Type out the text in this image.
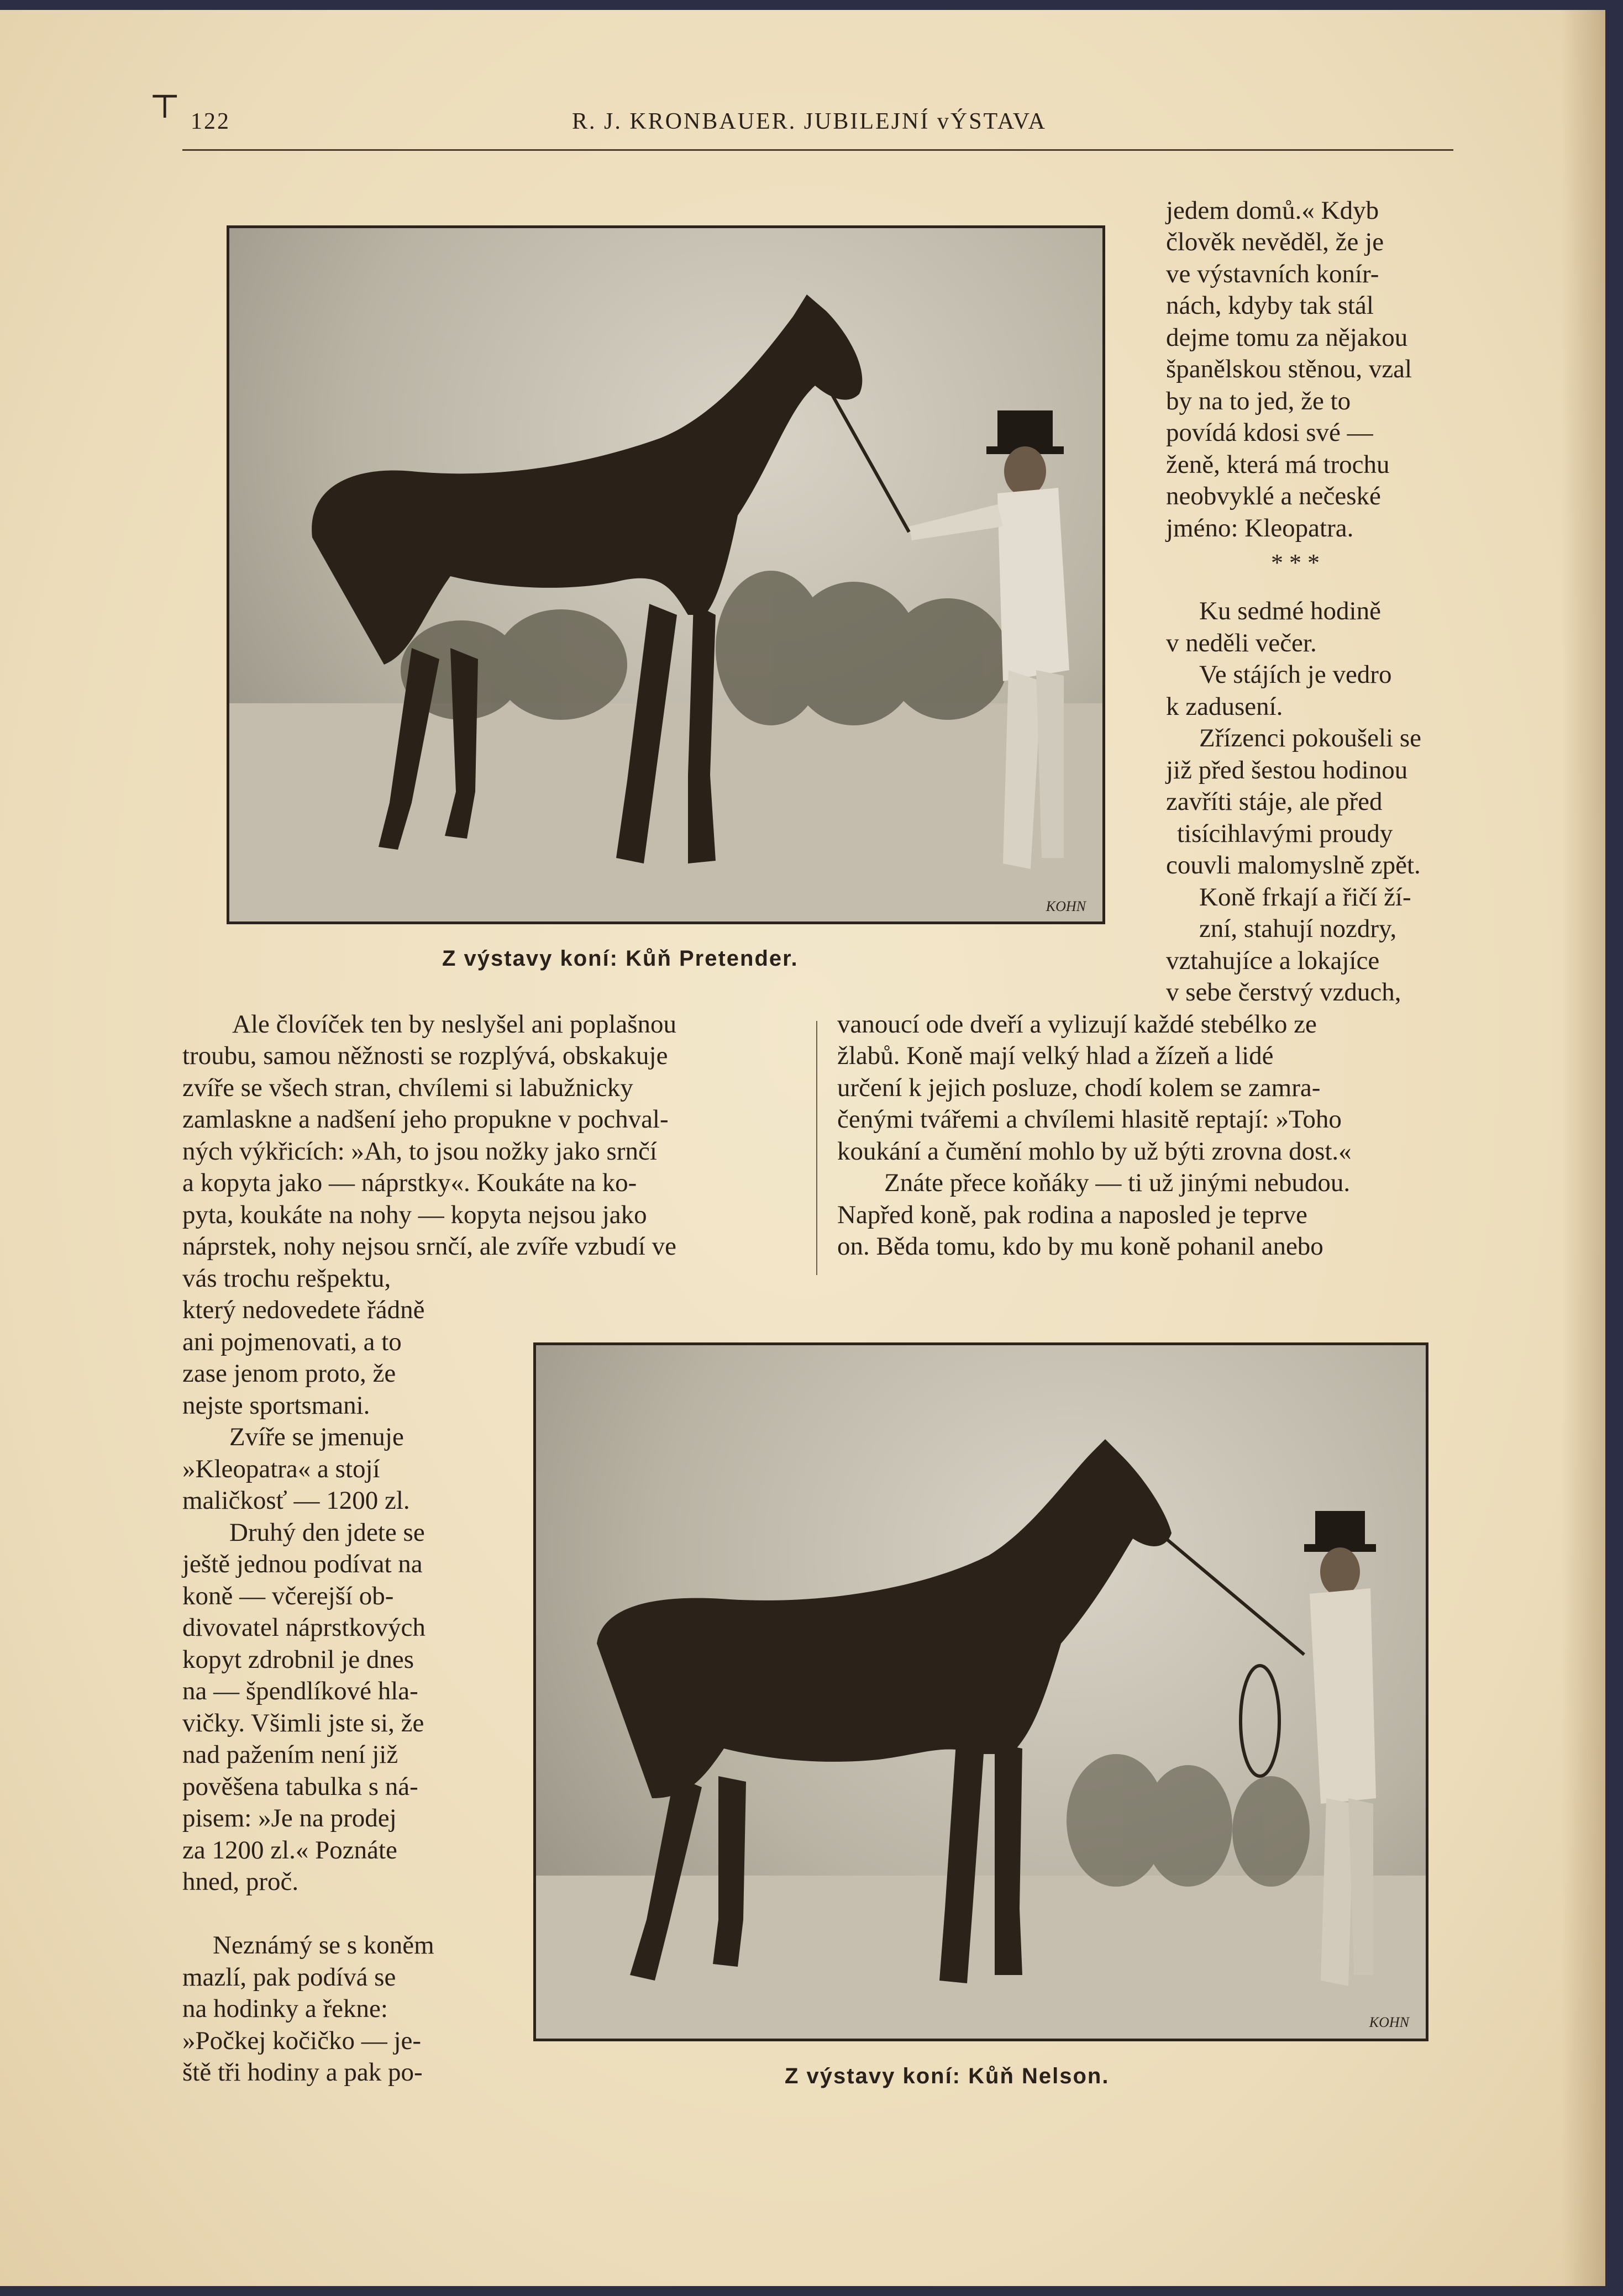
⊤ 122	R. J. KRONBAUER. JUBILEJNÍ vÝSTAVA
KOHN
Z výstavy koní: Kůň Pretender.
KOHN
Z výstavy koní: Kůň Nelson.
jedem domů.« Kdyb
člověk nevěděl, že je
ve výstavních konír-
nách, kdyby tak stál
dejme tomu za nějakou
španělskou stěnou, vzal
by na to jed, že to
povídá kdosi své —
ženě, která má trochu
neobvyklé a nečeské
jméno: Kleopatra.
* * *
Ku sedmé hodině
v neděli večer.
Ve stájích je vedro
k zadusení.
Zřízenci pokoušeli se
již před šestou hodinou
zavříti stáje, ale před
tisícihlavými proudy
couvli malomyslně zpět.
Koně frkají a řičí ží-
zní, stahují nozdry,
vztahujíce a lokajíce
v sebe čerstvý vzduch,
Ale človíček ten by neslyšel ani poplašnou
troubu, samou něžnosti se rozplývá, obskakuje
zvíře se všech stran, chvílemi si labužnicky
zamlaskne a nadšení jeho propukne v pochval-
ných výkřicích: »Ah, to jsou nožky jako srnčí
a kopyta jako — náprstky«. Koukáte na ko-
pyta, koukáte na nohy — kopyta nejsou jako
náprstek, nohy nejsou srnčí, ale zvíře vzbudí ve
vanoucí ode dveří a vylizují každé stebélko ze
žlabů. Koně mají velký hlad a žízeň a lidé
určení k jejich posluze, chodí kolem se zamra-
čenými tvářemi a chvílemi hlasitě reptají: »Toho
koukání a čumění mohlo by už býti zrovna dost.«
Znáte přece koňáky — ti už jinými nebudou.
Napřed koně, pak rodina a naposled je teprve
on. Běda tomu, kdo by mu koně pohanil anebo
vás trochu rešpektu,
který nedovedete řádně
ani pojmenovati, a to
zase jenom proto, že
nejste sportsmani.
Zvíře se jmenuje
»Kleopatra« a stojí
maličkosť — 1200 zl.
Druhý den jdete se
ještě jednou podívat na
koně — včerejší ob-
divovatel náprstkových
kopyt zdrobnil je dnes
na — špendlíkové hla-
vičky. Všimli jste si, že
nad pažením není již
pověšena tabulka s ná-
pisem: »Je na prodej
za 1200 zl.« Poznáte
hned, proč.
Neznámý se s koněm
mazlí, pak podívá se
na hodinky a řekne:
»Počkej kočičko — je-
ště tři hodiny a pak po-
